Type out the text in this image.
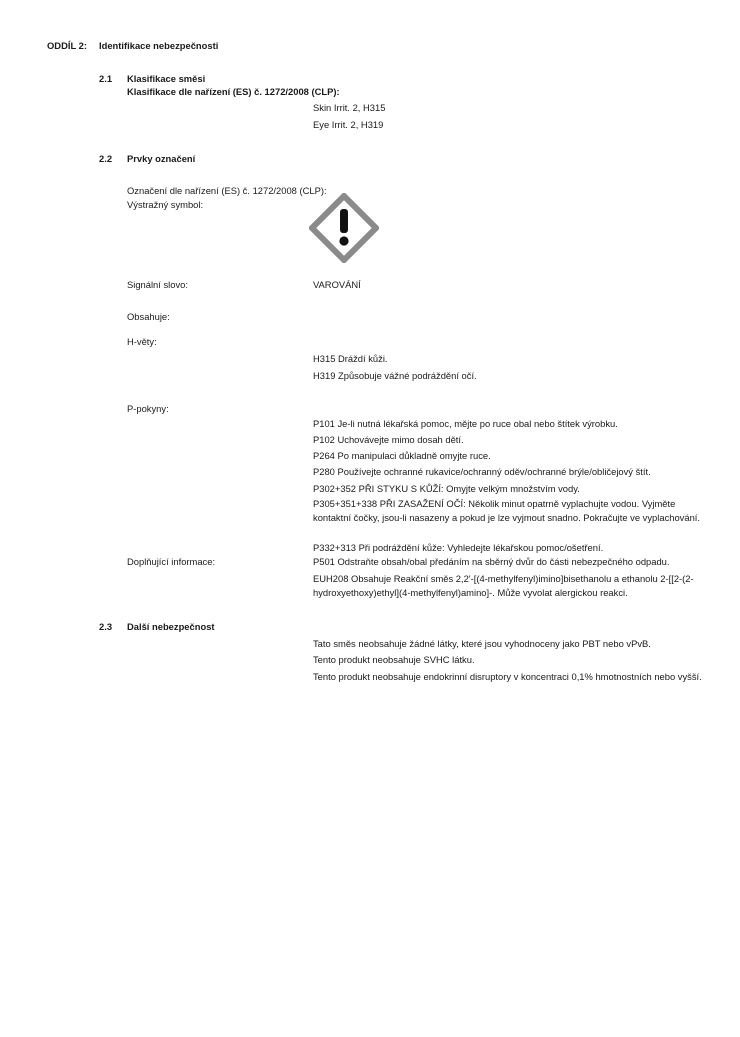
ODDÍL 2: Identifikace nebezpečnosti
2.1 Klasifikace směsi
Klasifikace dle nařízení (ES) č. 1272/2008 (CLP):
Skin Irrit. 2, H315
Eye Irrit. 2, H319
2.2 Prvky označení
Označení dle nařízení (ES) č. 1272/2008 (CLP):
Výstražný symbol:
Signální slovo:	VAROVÁNÍ
Obsahuje:
H-věty:
H315 Dráždí kůži.
H319 Způsobuje vážné podráždění očí.
P-pokyny:
P101 Je-li nutná lékařská pomoc, mějte po ruce obal nebo štítek výrobku.
P102 Uchovávejte mimo dosah dětí.
P264 Po manipulaci důkladně omyjte ruce.
P280 Používejte ochranné rukavice/ochranný oděv/ochranné brýle/obličejový štít.
P302+352 PŘI STYKU S KŮŽÍ: Omyjte velkým množstvím vody.
P305+351+338 PŘI ZASAŽENÍ OČÍ: Několik minut opatrně vyplachujte vodou. Vyjměte kontaktní čočky, jsou-li nasazeny a pokud je lze vyjmout snadno. Pokračujte ve vyplachování.
P332+313 Při podráždění kůže: Vyhledejte lékařskou pomoc/ošetření.
P501 Odstraňte obsah/obal předáním na sběrný dvůr do části nebezpečného odpadu.
Doplňující informace:
EUH208 Obsahuje Reakční směs 2,2'-[(4-methylfenyl)imino]bisethanolu a ethanolu 2-[[2-(2-hydroxyethoxy)ethyl](4-methylfenyl)amino]-. Může vyvolat alergickou reakci.
2.3 Další nebezpečnost
Tato směs neobsahuje žádné látky, které jsou vyhodnoceny jako PBT nebo vPvB.
Tento produkt neobsahuje SVHC látku.
Tento produkt neobsahuje endokrinní disruptory v koncentraci 0,1% hmotnostních nebo vyšší.
